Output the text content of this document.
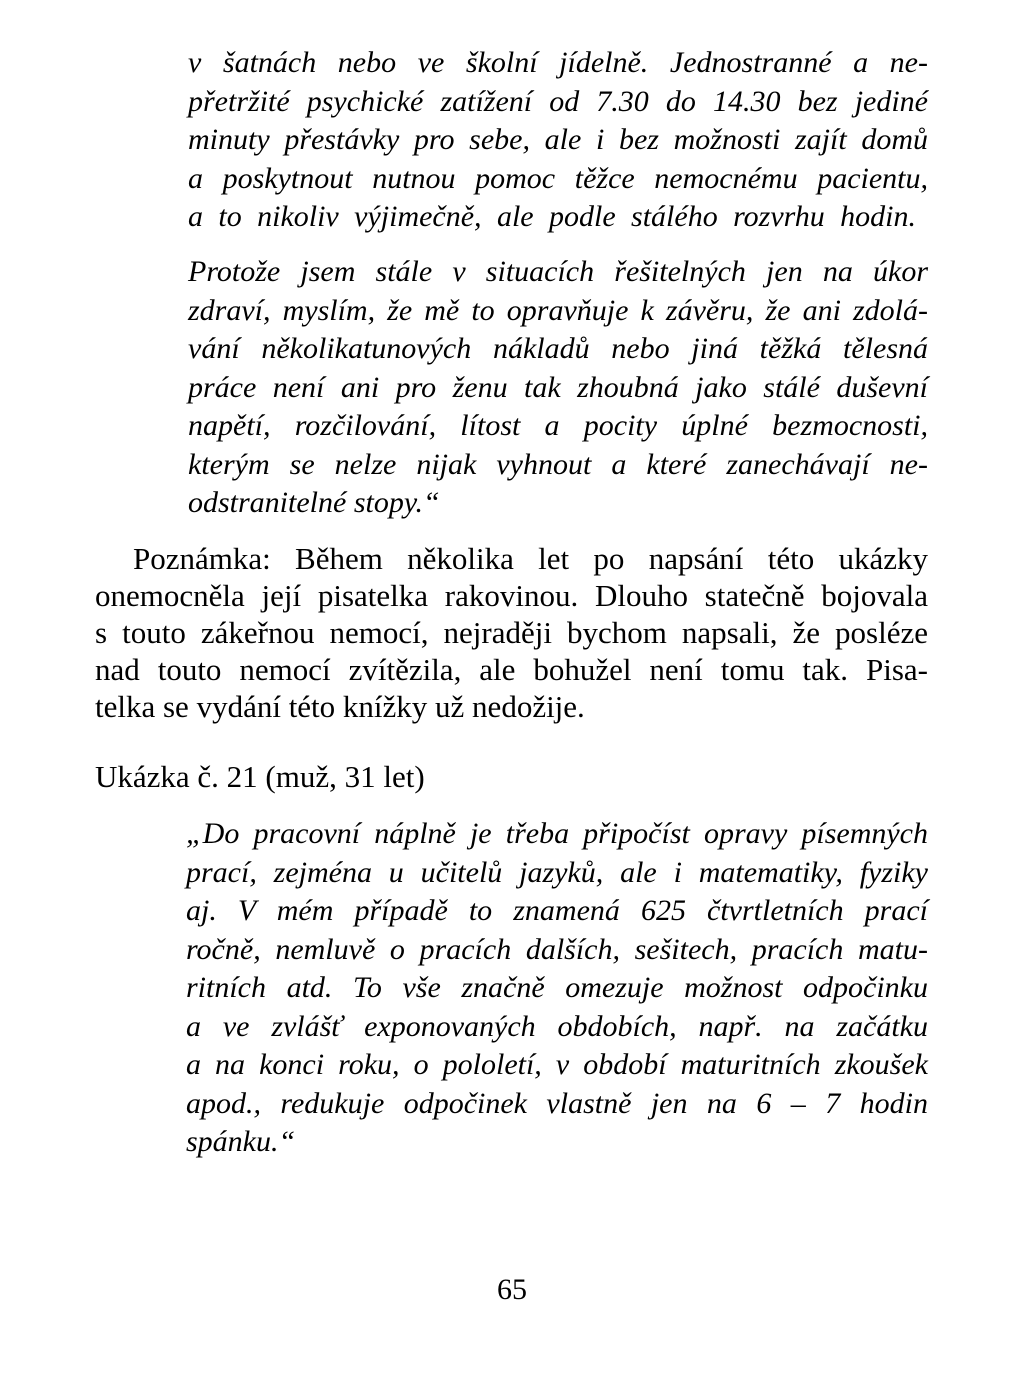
v šatnách nebo ve školní jídelně. Jednostranné a ne-
přetržité psychické zatížení od 7.30 do 14.30 bez jediné
minuty přestávky pro sebe, ale i bez možnosti zajít domů
a poskytnout nutnou pomoc těžce nemocnému pacientu,
a to nikoliv výjimečně, ale podle stálého rozvrhu hodin.
Protože jsem stále v situacích řešitelných jen na úkor
zdraví, myslím, že mě to opravňuje k závěru, že ani zdolá-
vání několikatunových nákladů nebo jiná těžká tělesná
práce není ani pro ženu tak zhoubná jako stálé duševní
napětí, rozčilování, lítost a pocity úplné bezmocnosti,
kterým se nelze nijak vyhnout a které zanechávají ne-
odstranitelné stopy.“
Poznámka: Během několika let po napsání této ukázky
onemocněla její pisatelka rakovinou. Dlouho statečně bojovala
s touto zákeřnou nemocí, nejraději bychom napsali, že posléze
nad touto nemocí zvítězila, ale bohužel není tomu tak. Pisa-
telka se vydání této knížky už nedožije.
Ukázka č. 21 (muž, 31 let)
„Do pracovní náplně je třeba připočíst opravy písemných
prací, zejména u učitelů jazyků, ale i matematiky, fyziky
aj. V mém případě to znamená 625 čtvrtletních prací
ročně, nemluvě o pracích dalších, sešitech, pracích matu-
ritních atd. To vše značně omezuje možnost odpočinku
a ve zvlášť exponovaných obdobích, např. na začátku
a na konci roku, o pololetí, v období maturitních zkoušek
apod., redukuje odpočinek vlastně jen na 6 – 7 hodin
spánku.“
65
